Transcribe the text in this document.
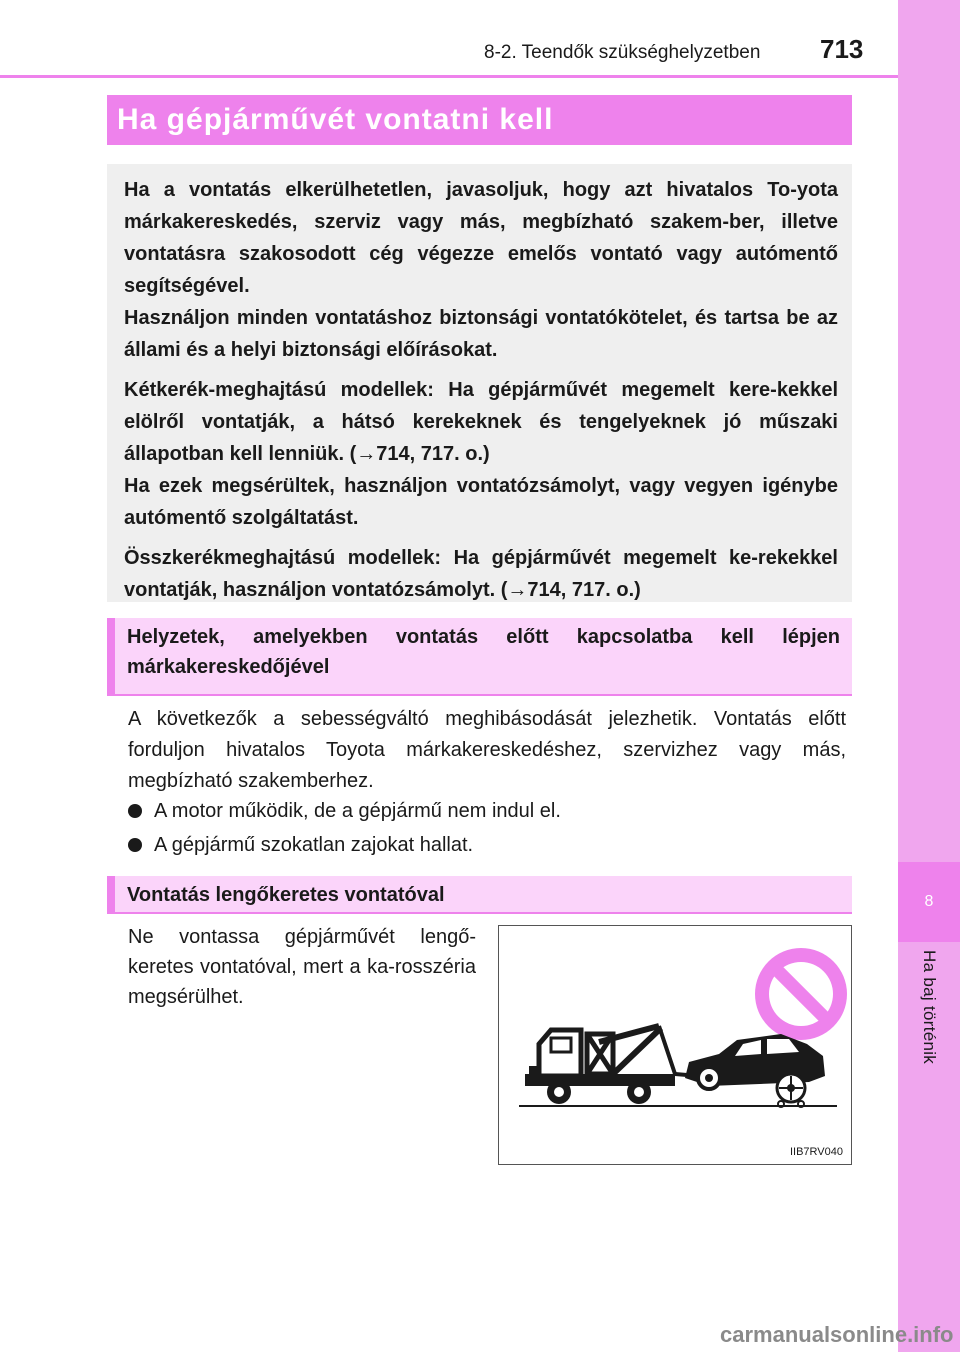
8
Ha baj történik
8-2. Teendők szükséghelyzetben 713
Ha gépjárművét vontatni kell

Ha a vontatás elkerülhetetlen, javasoljuk, hogy azt hivatalos To-yota márkakereskedés, szerviz vagy más, megbízható szakem-ber, illetve vontatásra szakosodott cég végezze emelős vontató vagy autómentő segítségével.
Használjon minden vontatáshoz biztonsági vontatókötelet, és tartsa be az állami és a helyi biztonsági előírásokat.

Kétkerék-meghajtású modellek: Ha gépjárművét megemelt kere-kekkel elölről vontatják, a hátsó kerekeknek és tengelyeknek jó műszaki állapotban kell lenniük. (→714, 717. o.)
Ha ezek megsérültek, használjon vontatózsámolyt, vagy vegyen igénybe autómentő szolgáltatást.

Összkerékmeghajtású modellek: Ha gépjárművét megemelt ke-rekekkel vontatják, használjon vontatózsámolyt. (→714, 717. o.)

Helyzetek, amelyekben vontatás előtt kapcsolatba kell lépjen márkakereskedőjével

A következők a sebességváltó meghibásodását jelezhetik. Vontatás előtt forduljon hivatalos Toyota márkakereskedéshez, szervizhez vagy más, megbízható szakemberhez.

A motor működik, de a gépjármű nem indul el.
A gépjármű szokatlan zajokat hallat.
Vontatás lengőkeretes vontatóval

Ne vontassa gépjárművét lengő-keretes vontatóval, mert a ka-rosszéria megsérülhet.

IIB7RV040
carmanualsonline.info
